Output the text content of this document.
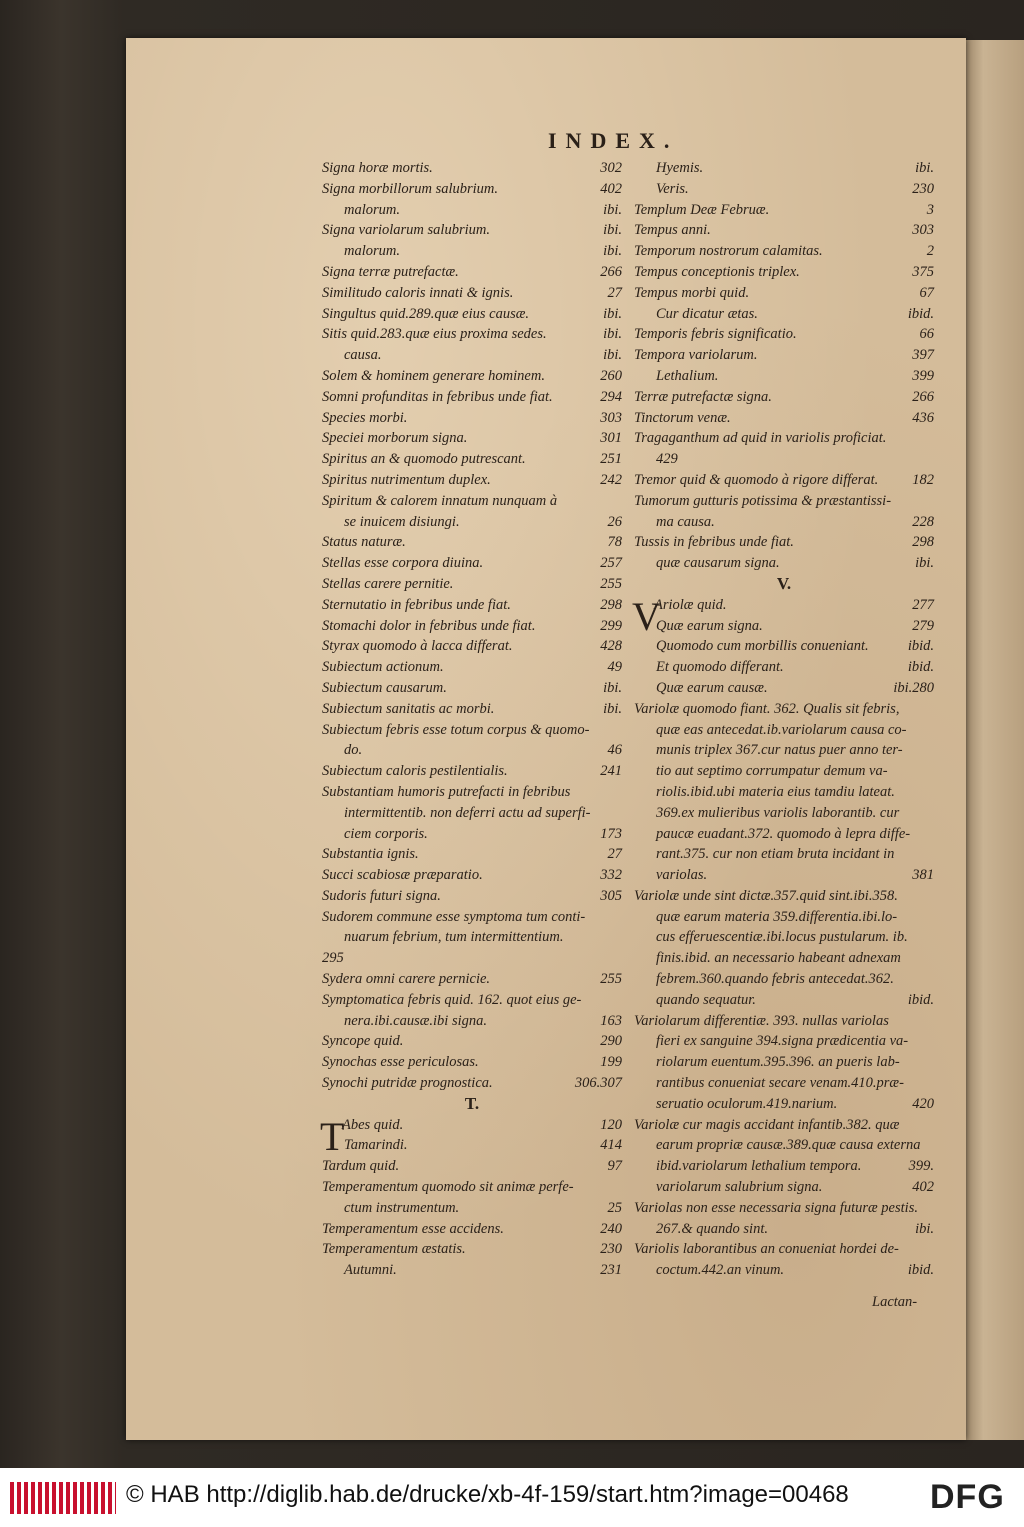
INDEX.
Signa horæ mortis.	302
Signa morbillorum salubrium.	402
malorum.	ibi.
Signa variolarum salubrium.	ibi.
malorum.	ibi.
Signa terræ putrefactæ.	266
Similitudo caloris innati & ignis.	27
Singultus quid.289.quæ eius causæ.	ibi.
Sitis quid.283.quæ eius proxima sedes.	ibi.
causa.	ibi.
Solem & hominem generare hominem.	260
Somni profunditas in febribus unde fiat.	294
Species morbi.	303
Speciei morborum signa.	301
Spiritus an & quomodo putrescant.	251
Spiritus nutrimentum duplex.	242
Spiritum & calorem innatum nunquam à
se inuicem disiungi.	26
Status naturæ.	78
Stellas esse corpora diuina.	257
Stellas carere pernitie.	255
Sternutatio in febribus unde fiat.	298
Stomachi dolor in febribus unde fiat.	299
Styrax quomodo à lacca differat.	428
Subiectum actionum.	49
Subiectum causarum.	ibi.
Subiectum sanitatis ac morbi.	ibi.
Subiectum febris esse totum corpus & quomo-
do.	46
Subiectum caloris pestilentialis.	241
Substantiam humoris putrefacti in febribus
intermittentib. non deferri actu ad superfi-
ciem corporis.	173
Substantia ignis.	27
Succi scabiosæ præparatio.	332
Sudoris futuri signa.	305
Sudorem commune esse symptoma tum conti-
nuarum febrium, tum intermittentium.
295
Sydera omni carere pernicie.	255
Symptomatica febris quid. 162. quot eius ge-
nera.ibi.causæ.ibi signa.	163
Syncope quid.	290
Synochas esse periculosas.	199
Synochi putridæ prognostica.	306.307
T.
T
Abes quid.	120
Tamarindi.	414
Tardum quid.	97
Temperamentum quomodo sit animæ perfe-
ctum instrumentum.	25
Temperamentum esse accidens.	240
Temperamentum æstatis.	230
Autumni.	231
Hyemis.	ibi.
Veris.	230
Templum Deæ Februæ.	3
Tempus anni.	303
Temporum nostrorum calamitas.	2
Tempus conceptionis triplex.	375
Tempus morbi quid.	67
Cur dicatur ætas.	ibid.
Temporis febris significatio.	66
Tempora variolarum.	397
Lethalium.	399
Terræ putrefactæ signa.	266
Tinctorum venæ.	436
Tragaganthum ad quid in variolis proficiat.
429
Tremor quid & quomodo à rigore differat.	182
Tumorum gutturis potissima & præstantissi-
ma causa.	228
Tussis in febribus unde fiat.	298
quæ causarum signa.	ibi.
V.
V
Ariolæ quid.	277
Quæ earum signa.	279
Quomodo cum morbillis conueniant.	ibid.
Et quomodo differant.	ibid.
Quæ earum causæ.	ibi.280
Variolæ quomodo fiant. 362. Qualis sit febris,
quæ eas antecedat.ib.variolarum causa co-
munis triplex 367.cur natus puer anno ter-
tio aut septimo corrumpatur demum va-
riolis.ibid.ubi materia eius tamdiu lateat.
369.ex mulieribus variolis laborantib. cur
paucæ euadant.372. quomodo à lepra diffe-
rant.375. cur non etiam bruta incidant in
variolas.	381
Variolæ unde sint dictæ.357.quid sint.ibi.358.
quæ earum materia 359.differentia.ibi.lo-
cus efferuescentiæ.ibi.locus pustularum. ib.
finis.ibid. an necessario habeant adnexam
febrem.360.quando febris antecedat.362.
quando sequatur.	ibid.
Variolarum differentiæ. 393. nullas variolas
fieri ex sanguine 394.signa prædicentia va-
riolarum euentum.395.396. an pueris lab-
rantibus conueniat secare venam.410.præ-
seruatio oculorum.419.narium.	420
Variolæ cur magis accidant infantib.382. quæ
earum propriæ causæ.389.quæ causa externa
ibid.variolarum lethalium tempora.	399.
variolarum salubrium signa.	402
Variolas non esse necessaria signa futuræ pestis.
267.& quando sint.	ibi.
Variolis laborantibus an conueniat hordei de-
coctum.442.an vinum.	ibid.
Lactan-
© HAB http://diglib.hab.de/drucke/xb-4f-159/start.htm?image=00468 DFG
